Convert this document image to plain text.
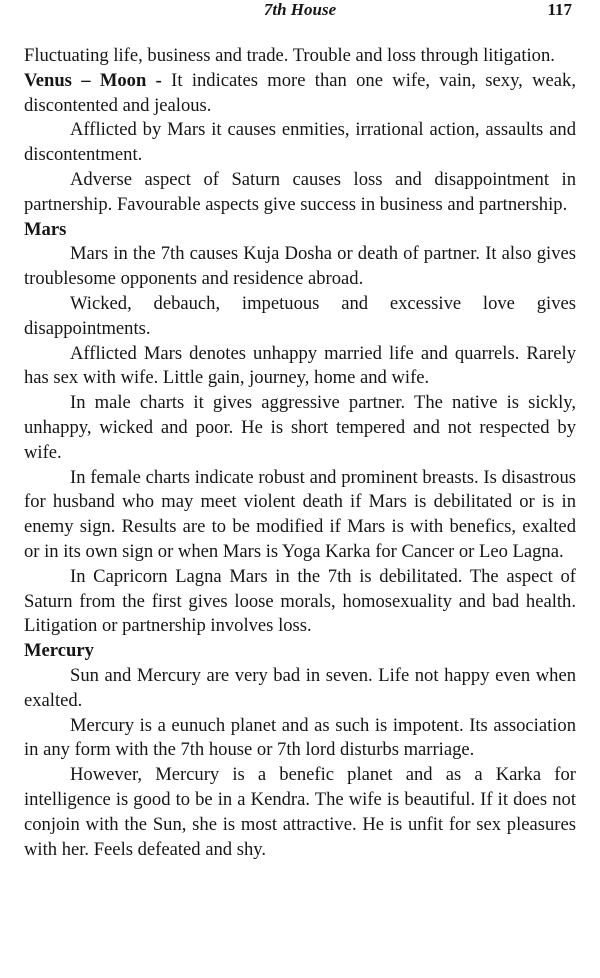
7th House	117

Fluctuating life, business and trade. Trouble and loss through litigation.

Venus – Moon - It indicates more than one wife, vain, sexy, weak, discontented and jealous.

Afflicted by Mars it causes enmities, irrational action, assaults and discontentment.

Adverse aspect of Saturn causes loss and disappointment in partnership. Favourable aspects give success in business and partnership.

Mars

Mars in the 7th causes Kuja Dosha or death of partner. It also gives troublesome opponents and residence abroad.

Wicked, debauch, impetuous and excessive love gives disappointments.

Afflicted Mars denotes unhappy married life and quarrels. Rarely has sex with wife. Little gain, journey, home and wife.

In male charts it gives aggressive partner. The native is sickly, unhappy, wicked and poor. He is short tempered and not respected by wife.

In female charts indicate robust and prominent breasts. Is disastrous for husband who may meet violent death if Mars is debilitated or is in enemy sign. Results are to be modified if Mars is with benefics, exalted or in its own sign or when Mars is Yoga Karka for Cancer or Leo Lagna.

In Capricorn Lagna Mars in the 7th is debilitated. The aspect of Saturn from the first gives loose morals, homosexuality and bad health. Litigation or partnership involves loss.

Mercury

Sun and Mercury are very bad in seven. Life not happy even when exalted.

Mercury is a eunuch planet and as such is impotent. Its association in any form with the 7th house or 7th lord disturbs marriage.

However, Mercury is a benefic planet and as a Karka for intelligence is good to be in a Kendra. The wife is beautiful. If it does not conjoin with the Sun, she is most attractive. He is unfit for sex pleasures with her. Feels defeated and shy.
